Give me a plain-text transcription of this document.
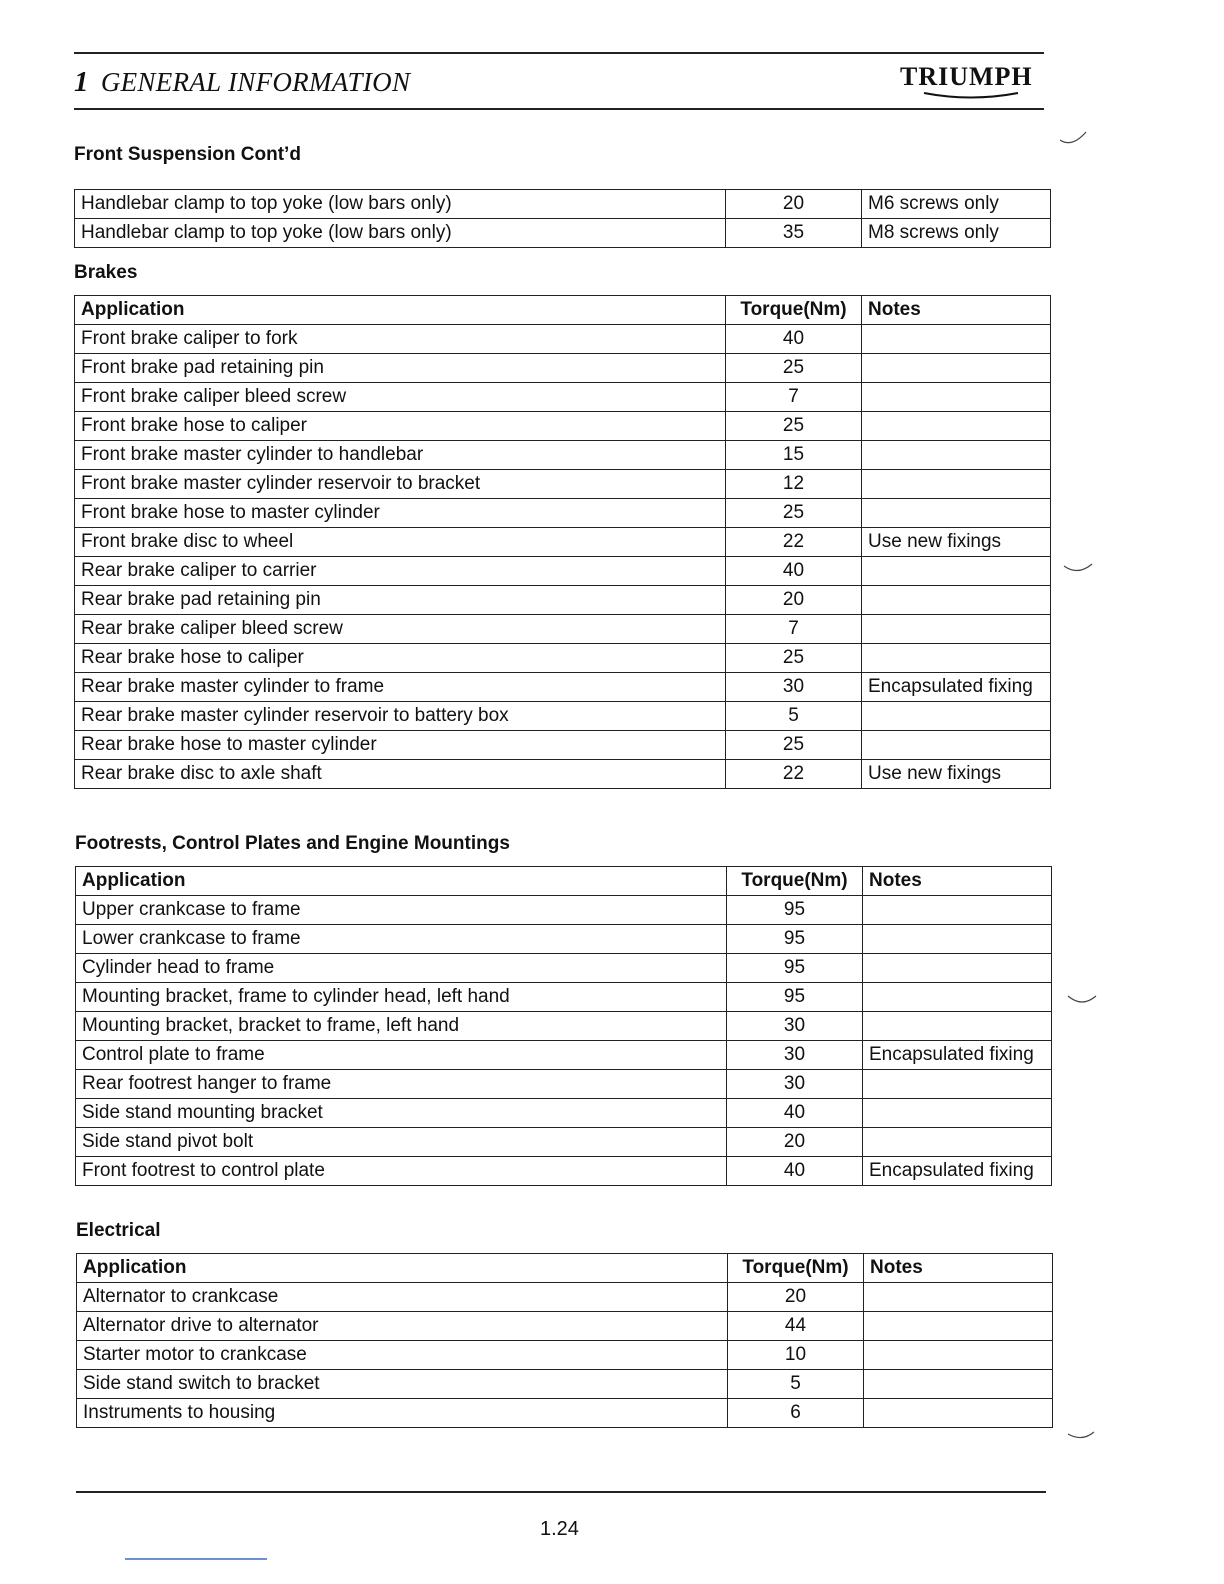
1 GENERAL INFORMATION	TRIUMPH
Front Suspension Cont’d
Handlebar clamp to top yoke (low bars only)	20	M6 screws only
Handlebar clamp to top yoke (low bars only)	35	M8 screws only
Brakes
Application	Torque(Nm)	Notes
Front brake caliper to fork	40	
Front brake pad retaining pin	25	
Front brake caliper bleed screw	7	
Front brake hose to caliper	25	
Front brake master cylinder to handlebar	15	
Front brake master cylinder reservoir to bracket	12	
Front brake hose to master cylinder	25	
Front brake disc to wheel	22	Use new fixings
Rear brake caliper to carrier	40	
Rear brake pad retaining pin	20	
Rear brake caliper bleed screw	7	
Rear brake hose to caliper	25	
Rear brake master cylinder to frame	30	Encapsulated fixing
Rear brake master cylinder reservoir to battery box	5	
Rear brake hose to master cylinder	25	
Rear brake disc to axle shaft	22	Use new fixings
Footrests, Control Plates and Engine Mountings
Application	Torque(Nm)	Notes
Upper crankcase to frame	95	
Lower crankcase to frame	95	
Cylinder head to frame	95	
Mounting bracket, frame to cylinder head, left hand	95	
Mounting bracket, bracket to frame, left hand	30	
Control plate to frame	30	Encapsulated fixing
Rear footrest hanger to frame	30	
Side stand mounting bracket	40	
Side stand pivot bolt	20	
Front footrest to control plate	40	Encapsulated fixing
Electrical
Application	Torque(Nm)	Notes
Alternator to crankcase	20	
Alternator drive to alternator	44	
Starter motor to crankcase	10	
Side stand switch to bracket	5	
Instruments to housing	6	
1.24
